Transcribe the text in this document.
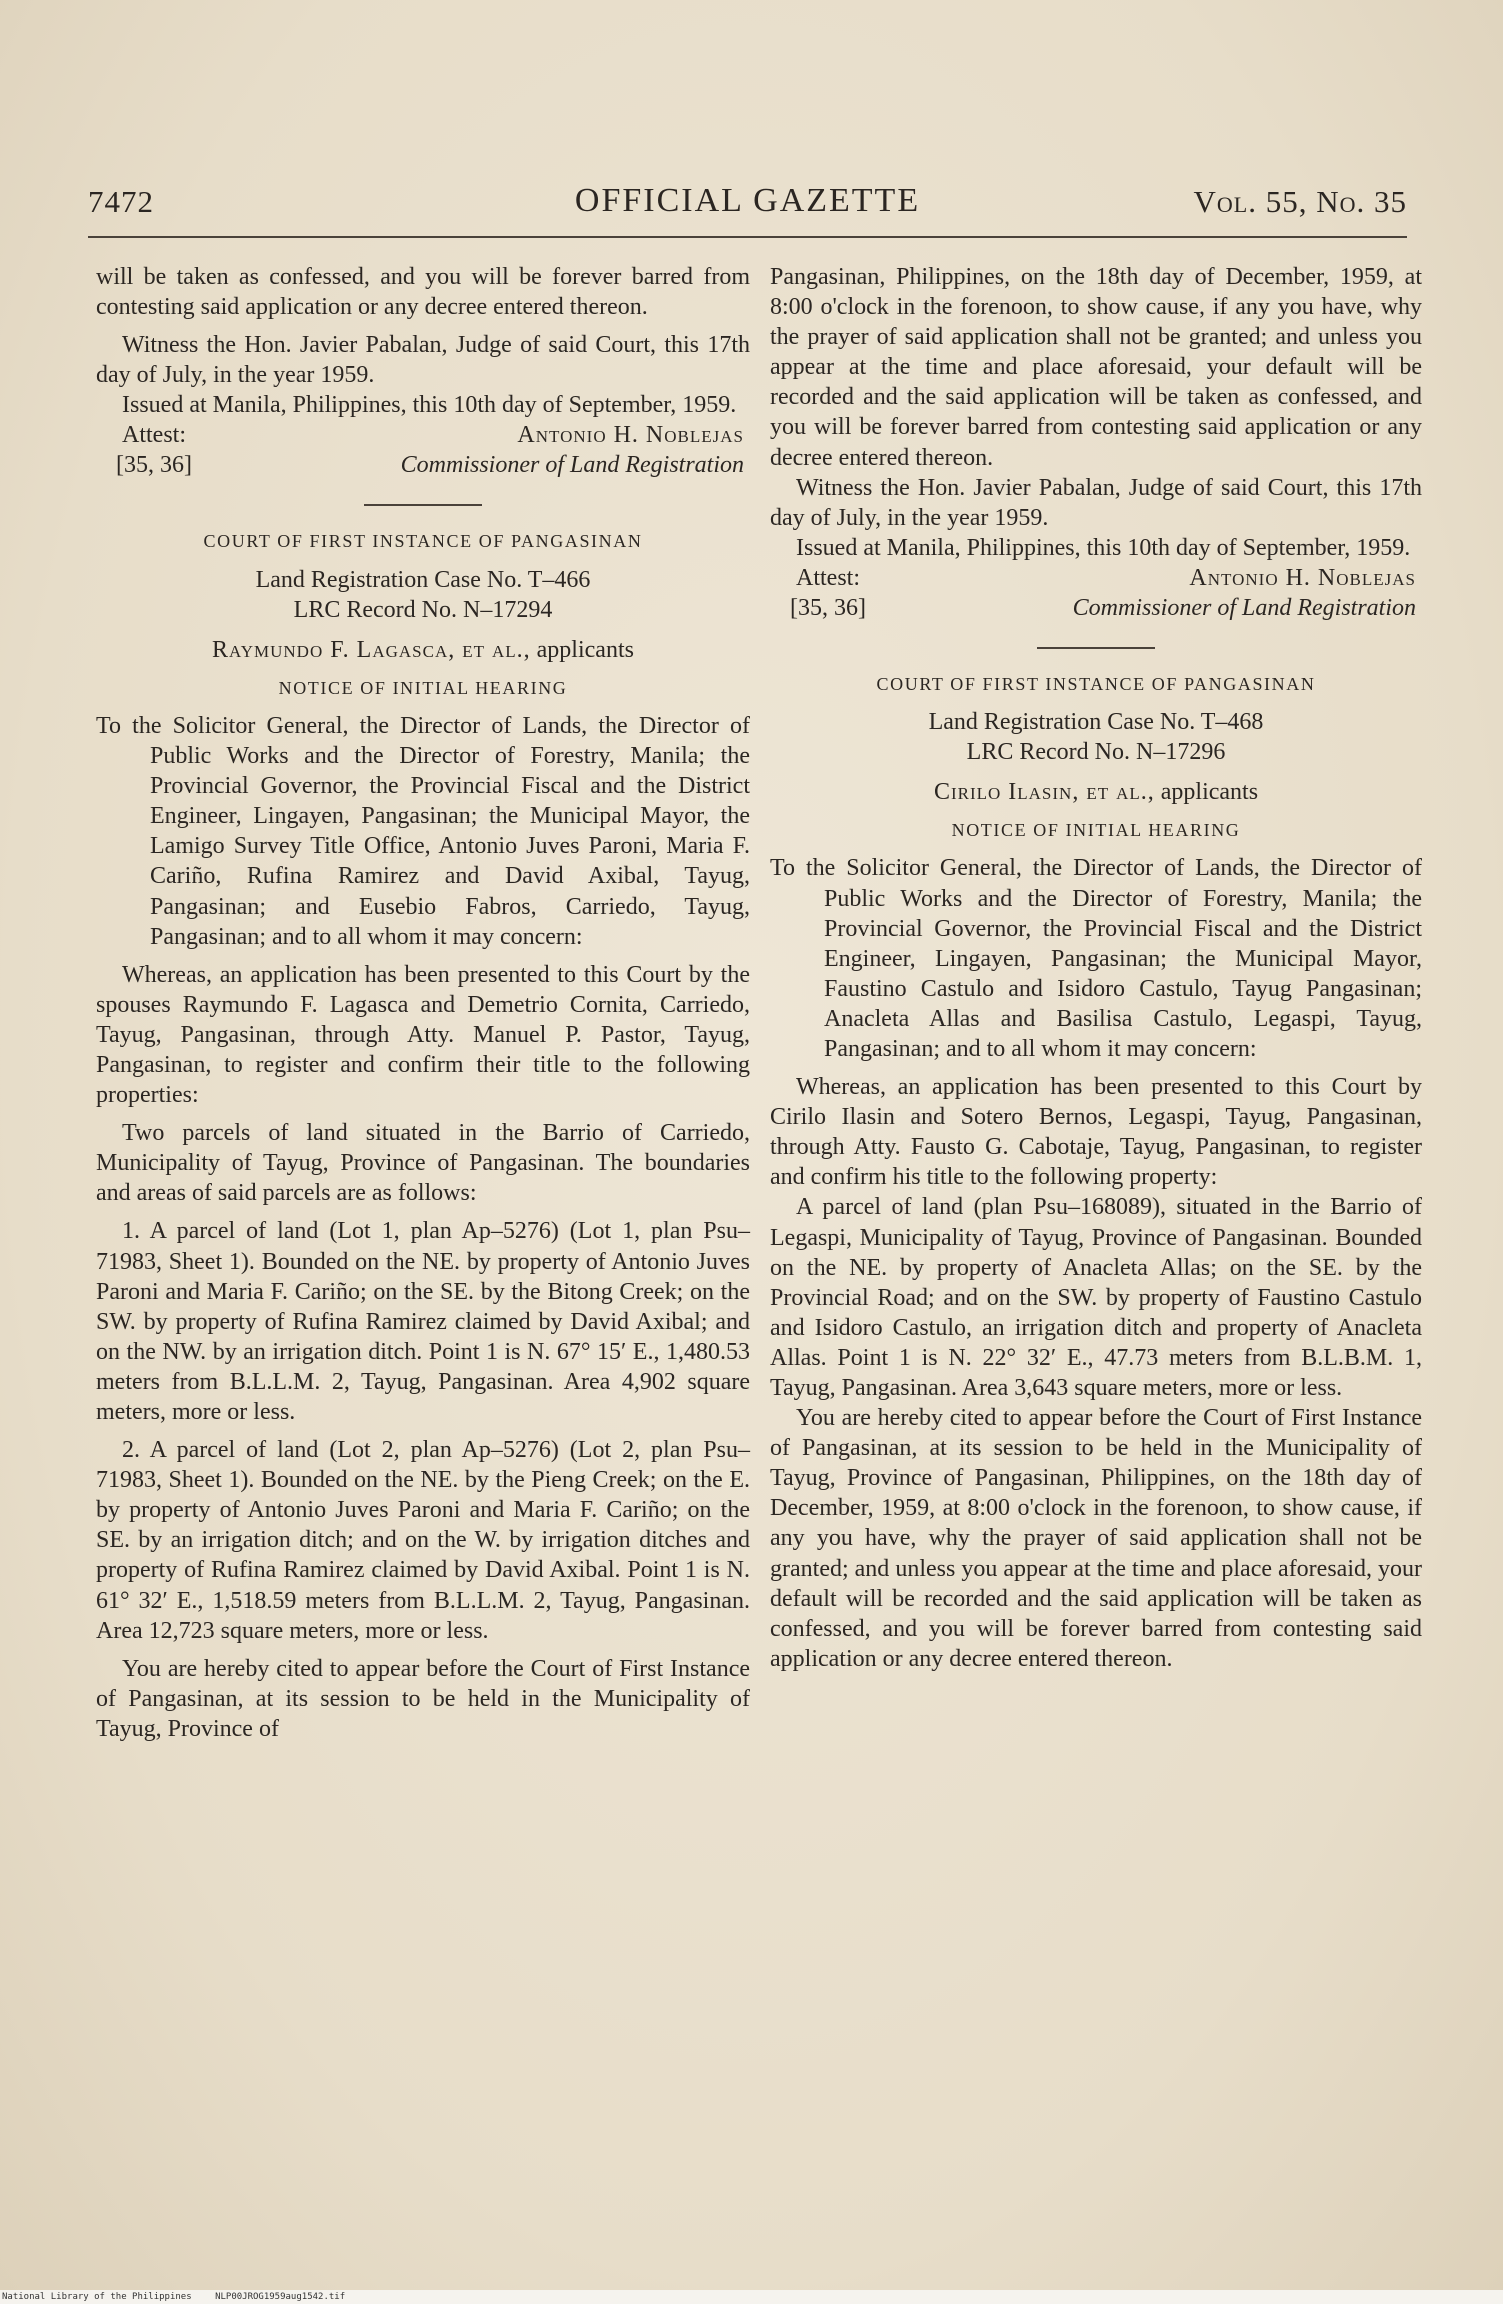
7472	OFFICIAL GAZETTE	Vol. 55, No. 35

will be taken as confessed, and you will be forever barred from contesting said application or any decree entered thereon.

Witness the Hon. Javier Pabalan, Judge of said Court, this 17th day of July, in the year 1959.

Issued at Manila, Philippines, this 10th day of September, 1959.

Attest:	Antonio H. Noblejas
[35, 36]	Commissioner of Land Registration

COURT OF FIRST INSTANCE OF PANGASINAN

Land Registration Case No. T–466

LRC Record No. N–17294

Raymundo F. Lagasca, et al., applicants

NOTICE OF INITIAL HEARING

To the Solicitor General, the Director of Lands, the Director of Public Works and the Director of Forestry, Manila; the Provincial Governor, the Provincial Fiscal and the District Engineer, Lingayen, Pangasinan; the Municipal Mayor, the Lamigo Survey Title Office, Antonio Juves Paroni, Maria F. Cariño, Rufina Ramirez and David Axibal, Tayug, Pangasinan; and Eusebio Fabros, Carriedo, Tayug, Pangasinan; and to all whom it may concern:

Whereas, an application has been presented to this Court by the spouses Raymundo F. Lagasca and Demetrio Cornita, Carriedo, Tayug, Pangasinan, through Atty. Manuel P. Pastor, Tayug, Pangasinan, to register and confirm their title to the following properties:

Two parcels of land situated in the Barrio of Carriedo, Municipality of Tayug, Province of Pangasinan. The boundaries and areas of said parcels are as follows:

1. A parcel of land (Lot 1, plan Ap–5276) (Lot 1, plan Psu–71983, Sheet 1). Bounded on the NE. by property of Antonio Juves Paroni and Maria F. Cariño; on the SE. by the Bitong Creek; on the SW. by property of Rufina Ramirez claimed by David Axibal; and on the NW. by an irrigation ditch. Point 1 is N. 67° 15′ E., 1,480.53 meters from B.L.L.M. 2, Tayug, Pangasinan. Area 4,902 square meters, more or less.

2. A parcel of land (Lot 2, plan Ap–5276) (Lot 2, plan Psu–71983, Sheet 1). Bounded on the NE. by the Pieng Creek; on the E. by property of Antonio Juves Paroni and Maria F. Cariño; on the SE. by an irrigation ditch; and on the W. by irrigation ditches and property of Rufina Ramirez claimed by David Axibal. Point 1 is N. 61° 32′ E., 1,518.59 meters from B.L.L.M. 2, Tayug, Pangasinan. Area 12,723 square meters, more or less.

You are hereby cited to appear before the Court of First Instance of Pangasinan, at its session to be held in the Municipality of Tayug, Province of

Pangasinan, Philippines, on the 18th day of December, 1959, at 8:00 o'clock in the forenoon, to show cause, if any you have, why the prayer of said application shall not be granted; and unless you appear at the time and place aforesaid, your default will be recorded and the said application will be taken as confessed, and you will be forever barred from contesting said application or any decree entered thereon.

Witness the Hon. Javier Pabalan, Judge of said Court, this 17th day of July, in the year 1959.

Issued at Manila, Philippines, this 10th day of September, 1959.

Attest:	Antonio H. Noblejas
[35, 36]	Commissioner of Land Registration

COURT OF FIRST INSTANCE OF PANGASINAN

Land Registration Case No. T–468

LRC Record No. N–17296

Cirilo Ilasin, et al., applicants

NOTICE OF INITIAL HEARING

To the Solicitor General, the Director of Lands, the Director of Public Works and the Director of Forestry, Manila; the Provincial Governor, the Provincial Fiscal and the District Engineer, Lingayen, Pangasinan; the Municipal Mayor, Faustino Castulo and Isidoro Castulo, Tayug Pangasinan; Anacleta Allas and Basilisa Castulo, Legaspi, Tayug, Pangasinan; and to all whom it may concern:

Whereas, an application has been presented to this Court by Cirilo Ilasin and Sotero Bernos, Legaspi, Tayug, Pangasinan, through Atty. Fausto G. Cabotaje, Tayug, Pangasinan, to register and confirm his title to the following property:

A parcel of land (plan Psu–168089), situated in the Barrio of Legaspi, Municipality of Tayug, Province of Pangasinan. Bounded on the NE. by property of Anacleta Allas; on the SE. by the Provincial Road; and on the SW. by property of Faustino Castulo and Isidoro Castulo, an irrigation ditch and property of Anacleta Allas. Point 1 is N. 22° 32′ E., 47.73 meters from B.L.B.M. 1, Tayug, Pangasinan. Area 3,643 square meters, more or less.

You are hereby cited to appear before the Court of First Instance of Pangasinan, at its session to be held in the Municipality of Tayug, Province of Pangasinan, Philippines, on the 18th day of December, 1959, at 8:00 o'clock in the forenoon, to show cause, if any you have, why the prayer of said application shall not be granted; and unless you appear at the time and place aforesaid, your default will be recorded and the said application will be taken as confessed, and you will be forever barred from contesting said application or any decree entered thereon.

National Library of the Philippines	NLP00JROG1959aug1542.tif
